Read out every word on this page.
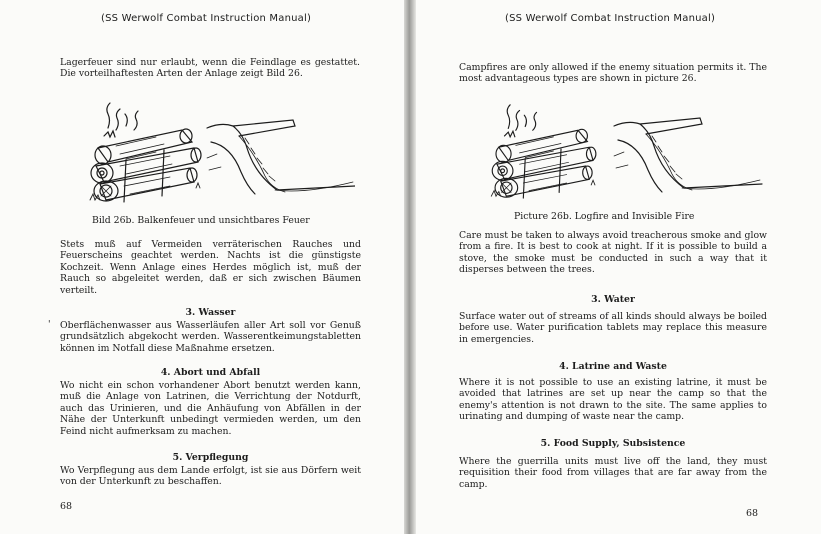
(SS Werwolf Combat Instruction Manual)

Lagerfeuer sind nur erlaubt, wenn die Feindlage es gestattet. Die vorteilhaftesten Arten der Anlage zeigt Bild 26.

Bild 26b. Balkenfeuer und unsichtbares Feuer

Stets muß auf Vermeiden verräterischen Rauches und Feuerscheins geachtet werden. Nachts ist die günstigste Kochzeit. Wenn Anlage eines Herdes möglich ist, muß der Rauch so abgeleitet werden, daß er sich zwischen Bäumen verteilt.

3. Wasser
' Oberflächenwasser aus Wasserläufen aller Art soll vor Genuß grundsätzlich abgekocht werden. Wasserentkeimungstabletten können im Notfall diese Maßnahme ersetzen.

4. Abort und Abfall

Wo nicht ein schon vorhandener Abort benutzt werden kann, muß die Anlage von Latrinen, die Verrichtung der Notdurft, auch das Urinieren, und die Anhäufung von Abfällen in der Nähe der Unterkunft unbedingt vermieden werden, um den Feind nicht aufmerksam zu machen.

5. Verpflegung

Wo Verpflegung aus dem Lande erfolgt, ist sie aus Dörfern weit von der Unterkunft zu beschaffen.

68
(SS Werwolf Combat Instruction Manual)

Campfires are only allowed if the enemy situation permits it. The most advantageous types are shown in picture 26.

Picture 26b. Logfire and Invisible Fire

Care must be taken to always avoid treacherous smoke and glow from a fire. It is best to cook at night. If it is possible to build a stove, the smoke must be conducted in such a way that it disperses between the trees.

3. Water

Surface water out of streams of all kinds should always be boiled before use. Water purification tablets may replace this measure in emergencies.

4. Latrine and Waste

Where it is not possible to use an existing latrine, it must be avoided that latrines are set up near the camp so that the enemy's attention is not drawn to the site. The same applies to urinating and dumping of waste near the camp.

5. Food Supply, Subsistence

Where the guerrilla units must live off the land, they must requisition their food from villages that are far away from the camp.

68
